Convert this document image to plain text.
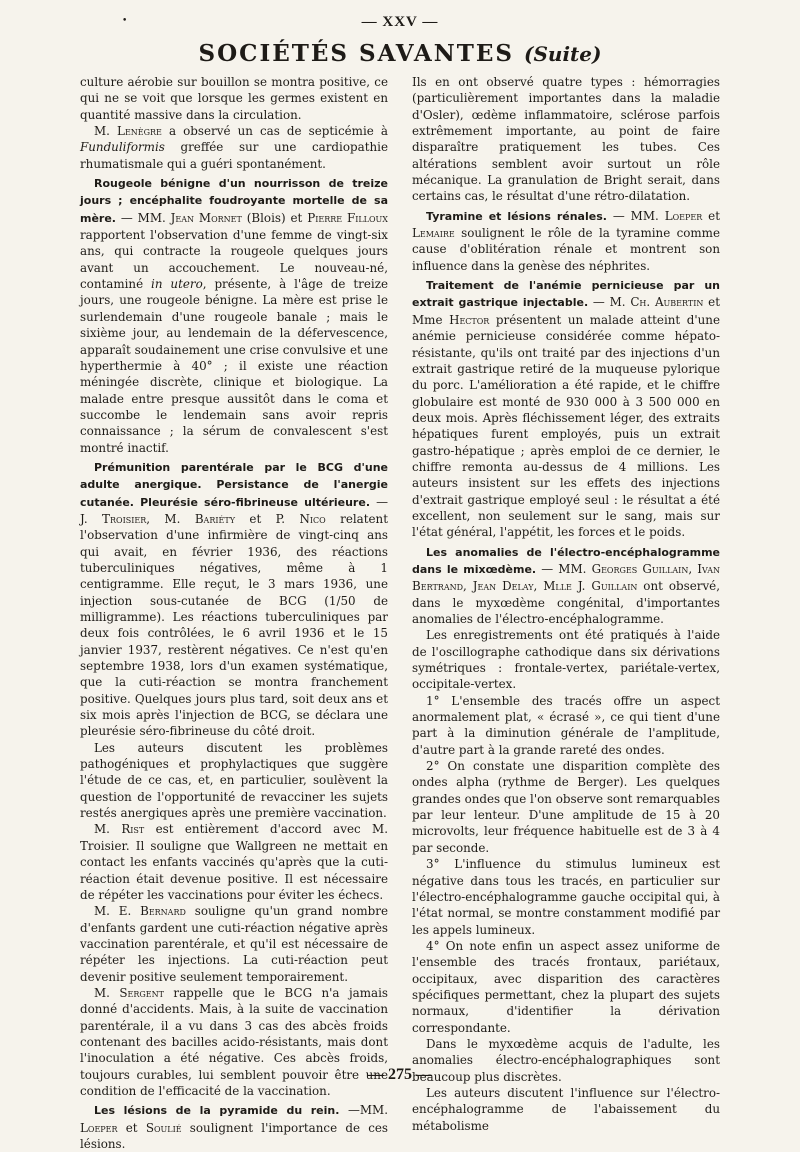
•	— XXV —
SOCIÉTÉS SAVANTES (Suite)

culture aérobie sur bouillon se montra positive, ce qui ne se voit que lorsque les germes existent en quantité massive dans la circulation.

M. Lenègre a observé un cas de septicémie à Funduliformis greffée sur une cardiopathie rhumatismale qui a guéri spontanément.

Rougeole bénigne d'un nourrisson de treize jours ; encéphalite foudroyante mortelle de sa mère. — MM. Jean Mornet (Blois) et Pierre Filloux rapportent l'observation d'une femme de vingt-six ans, qui contracte la rougeole quelques jours avant un accouchement. Le nouveau-né, contaminé in utero, présente, à l'âge de treize jours, une rougeole bénigne. La mère est prise le surlendemain d'une rougeole banale ; mais le sixième jour, au lendemain de la défervescence, apparaît soudainement une crise convulsive et une hyperthermie à 40° ; il existe une réaction méningée discrète, clinique et biologique. La malade entre presque aussitôt dans le coma et succombe le lendemain sans avoir repris connaissance ; la sérum de convalescent s'est montré inactif.

Prémunition parentérale par le BCG d'une adulte anergique. Persistance de l'anergie cutanée. Pleurésie séro-fibrineuse ultérieure. — J. Troisier, M. Bariéty et P. Nico relatent l'observation d'une infirmière de vingt-cinq ans qui avait, en février 1936, des réactions tuberculiniques négatives, même à 1 centigramme. Elle reçut, le 3 mars 1936, une injection sous-cutanée de BCG (1/50 de milligramme). Les réactions tuberculiniques par deux fois contrôlées, le 6 avril 1936 et le 15 janvier 1937, restèrent négatives. Ce n'est qu'en septembre 1938, lors d'un examen systématique, que la cuti-réaction se montra franchement positive. Quelques jours plus tard, soit deux ans et six mois après l'injection de BCG, se déclara une pleurésie séro-fibrineuse du côté droit.

Les auteurs discutent les problèmes pathogéniques et prophylactiques que suggère l'étude de ce cas, et, en particulier, soulèvent la question de l'opportunité de revacciner les sujets restés anergiques après une première vaccination.

M. Rist est entièrement d'accord avec M. Troisier. Il souligne que Wallgreen ne mettait en contact les enfants vaccinés qu'après que la cuti-réaction était devenue positive. Il est nécessaire de répéter les vaccinations pour éviter les échecs.

M. E. Bernard souligne qu'un grand nombre d'enfants gardent une cuti-réaction négative après vaccination parentérale, et qu'il est nécessaire de répéter les injections. La cuti-réaction peut devenir positive seulement temporairement.

M. Sergent rappelle que le BCG n'a jamais donné d'accidents. Mais, à la suite de vaccination parentérale, il a vu dans 3 cas des abcès froids contenant des bacilles acido-résistants, mais dont l'inoculation a été négative. Ces abcès froids, toujours curables, lui semblent pouvoir être une condition de l'efficacité de la vaccination.

Les lésions de la pyramide du rein. —MM. Loeper et Soulié soulignent l'importance de ces lésions.

Ils en ont observé quatre types : hémorragies (particulièrement importantes dans la maladie d'Osler), œdème inflammatoire, sclérose parfois extrêmement importante, au point de faire disparaître pratiquement les tubes. Ces altérations semblent avoir surtout un rôle mécanique. La granulation de Bright serait, dans certains cas, le résultat d'une rétro-dilatation.

Tyramine et lésions rénales. — MM. Loeper et Lemaire soulignent le rôle de la tyramine comme cause d'oblitération rénale et montrent son influence dans la genèse des néphrites.

Traitement de l'anémie pernicieuse par un extrait gastrique injectable. — M. Ch. Aubertin et Mme Hector présentent un malade atteint d'une anémie pernicieuse considérée comme hépato-résistante, qu'ils ont traité par des injections d'un extrait gastrique retiré de la muqueuse pylorique du porc. L'amélioration a été rapide, et le chiffre globulaire est monté de 930 000 à 3 500 000 en deux mois. Après fléchissement léger, des extraits hépatiques furent employés, puis un extrait gastro-hépatique ; après emploi de ce dernier, le chiffre remonta au-dessus de 4 millions. Les auteurs insistent sur les effets des injections d'extrait gastrique employé seul : le résultat a été excellent, non seulement sur le sang, mais sur l'état général, l'appétit, les forces et le poids.

Les anomalies de l'électro-encéphalogramme dans le mixœdème. — MM. Georges Guillain, Ivan Bertrand, Jean Delay, Mlle J. Guillain ont observé, dans le myxœdème congénital, d'importantes anomalies de l'électro-encéphalogramme.

Les enregistrements ont été pratiqués à l'aide de l'oscillographe cathodique dans six dérivations symétriques : frontale-vertex, pariétale-vertex, occipitale-vertex.

1° L'ensemble des tracés offre un aspect anormalement plat, « écrasé », ce qui tient d'une part à la diminution générale de l'amplitude, d'autre part à la grande rareté des ondes.

2° On constate une disparition complète des ondes alpha (rythme de Berger). Les quelques grandes ondes que l'on observe sont remarquables par leur lenteur. D'une amplitude de 15 à 20 microvolts, leur fréquence habituelle est de 3 à 4 par seconde.

3° L'influence du stimulus lumineux est négative dans tous les tracés, en particulier sur l'électro-encéphalogramme gauche occipital qui, à l'état normal, se montre constamment modifié par les appels lumineux.

4° On note enfin un aspect assez uniforme de l'ensemble des tracés frontaux, pariétaux, occipitaux, avec disparition des caractères spécifiques permettant, chez la plupart des sujets normaux, d'identifier la dérivation correspondante.

Dans le myxœdème acquis de l'adulte, les anomalies électro-encéphalographiques sont beaucoup plus discrètes.

Les auteurs discutent l'influence sur l'électro-encéphalogramme de l'abaissement du métabolisme

— 275 —
